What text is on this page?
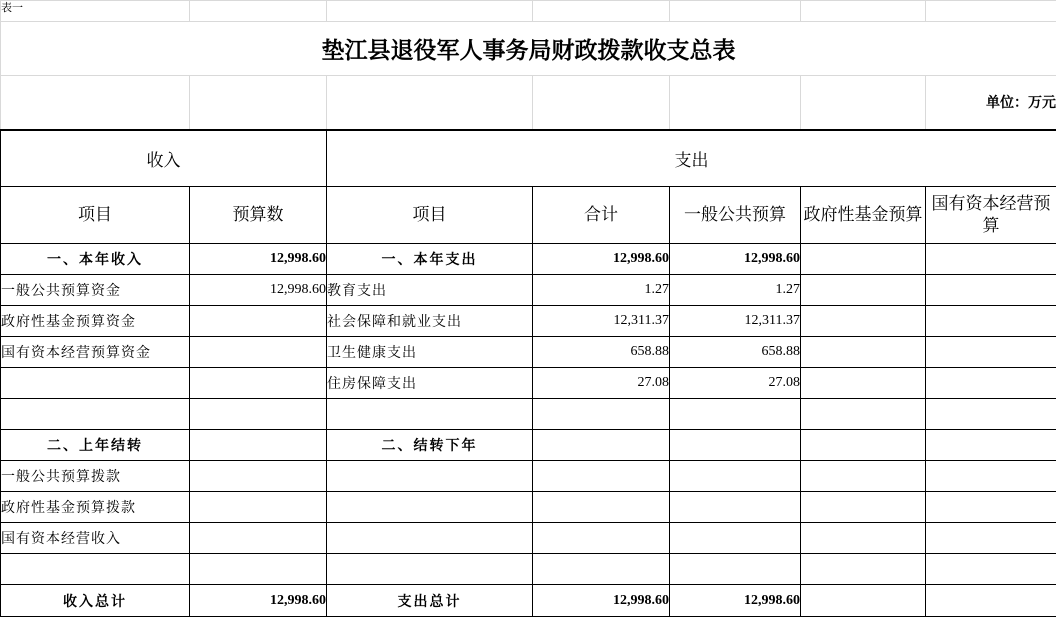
表一						
垫江县退役军人事务局财政拨款收支总表						
						单位：万元
收入		支出				
项目	预算数	项目	合计	一般公共预算	政府性基金预算	国有资本经营预算
一、本年收入	12,998.60	一、本年支出	12,998.60	12,998.60		
一般公共预算资金	12,998.60	教育支出	1.27	1.27		
政府性基金预算资金		社会保障和就业支出	12,311.37	12,311.37		
国有资本经营预算资金		卫生健康支出	658.88	658.88		
		住房保障支出	27.08	27.08		

二、上年结转		二、结转下年				
一般公共预算拨款						
政府性基金预算拨款						
国有资本经营收入						

收入总计	12,998.60	支出总计	12,998.60	12,998.60		
